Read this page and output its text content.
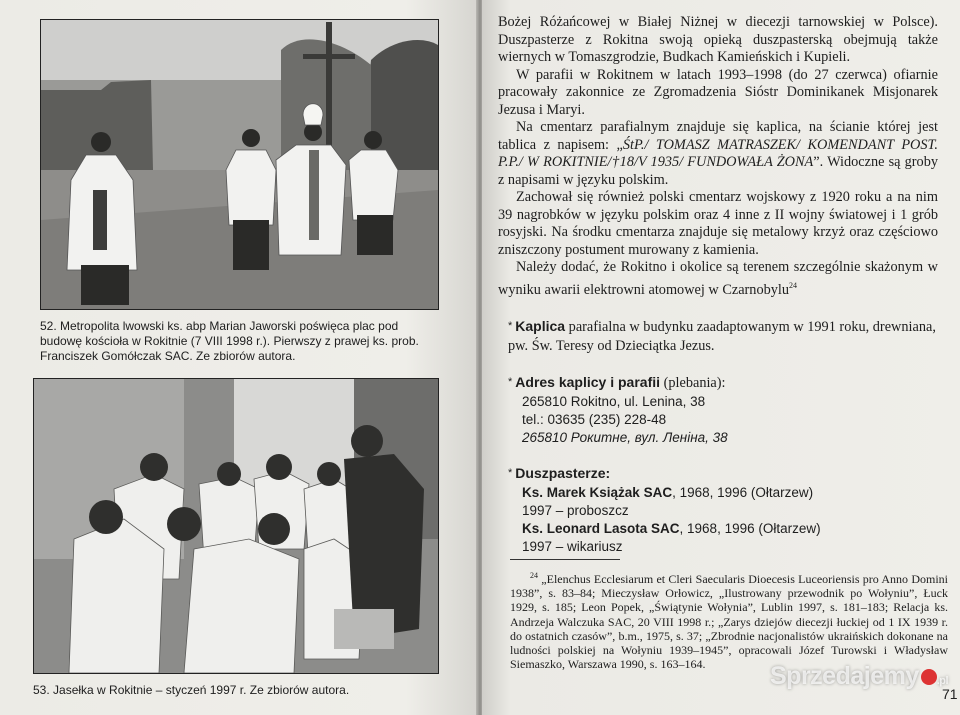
52. Metropolita lwowski ks. abp Marian Jaworski poświęca plac pod budowę kościoła w Rokitnie (7 VIII 1998 r.). Pierwszy z prawej ks. prob. Franciszek Gomółczak SAC. Ze zbiorów autora.
53. Jasełka w Rokitnie – styczeń 1997 r. Ze zbiorów autora.

Bożej Różańcowej w Białej Niżnej w diecezji tarnowskiej w Polsce). Duszpasterze z Rokitna swoją opieką duszpasterską obejmują także wiernych w Tomaszgrodzie, Budkach Kamieńskich i Kupieli.

W parafii w Rokitnem w latach 1993–1998 (do 27 czerwca) ofiarnie pracowały zakonnice ze Zgromadzenia Sióstr Dominikanek Misjonarek Jezusa i Maryi.

Na cmentarz parafialnym znajduje się kaplica, na ścianie której jest tablica z napisem: „ŚtP./ TOMASZ MATRASZEK/ KOMENDANT POST. P.P./ W ROKITNIE/†18/V 1935/ FUNDOWAŁA ŻONA”. Widoczne są groby z napisami w języku polskim.

Zachował się również polski cmentarz wojskowy z 1920 roku a na nim 39 nagrobków w języku polskim oraz 4 inne z II wojny światowej i 1 grób rosyjski. Na środku cmentarza znajduje się metalowy krzyż oraz częściowo zniszczony postument murowany z kamienia.

Należy dodać, że Rokitno i okolice są terenem szczególnie skażonym w wyniku awarii elektrowni atomowej w Czarnobylu$^{24}$

* Kaplica parafialna w budynku zaadaptowanym w 1991 roku, drewniana, pw. Św. Teresy od Dzieciątka Jezus.
* Adres kaplicy i parafii (plebania):
265810 Rokitno, ul. Lenina, 38
tel.: 03635 (235) 228-48
265810 Рокитне, вул. Леніна, 38
* Duszpasterze:
Ks. Marek Książak SAC, 1968, 1996 (Ołtarzew)
1997 – proboszcz
Ks. Leonard Lasota SAC, 1968, 1996 (Ołtarzew)
1997 – wikariusz

$^{24}$ „Elenchus Ecclesiarum et Cleri Saecularis Dioecesis Luceoriensis pro Anno Domini 1938”, s. 83–84; Mieczysław Orłowicz, „Ilustrowany przewodnik po Wołyniu”, Łuck 1929, s. 185; Leon Popek, „Świątynie Wołynia”, Lublin 1997, s. 181–183; Relacja ks. Andrzeja Walczuka SAC, 20 VIII 1998 r.; „Zarys dziejów diecezji łuckiej od 1 IX 1939 r. do ostatnich czasów”, b.m., 1975, s. 37; „Zbrodnie nacjonalistów ukraińskich dokonane na ludności polskiej na Wołyniu 1939–1945”, opracowali Józef Turowski i Władysław Siemaszko, Warszawa 1990, s. 163–164.

71
Sprzedajemy .pl
